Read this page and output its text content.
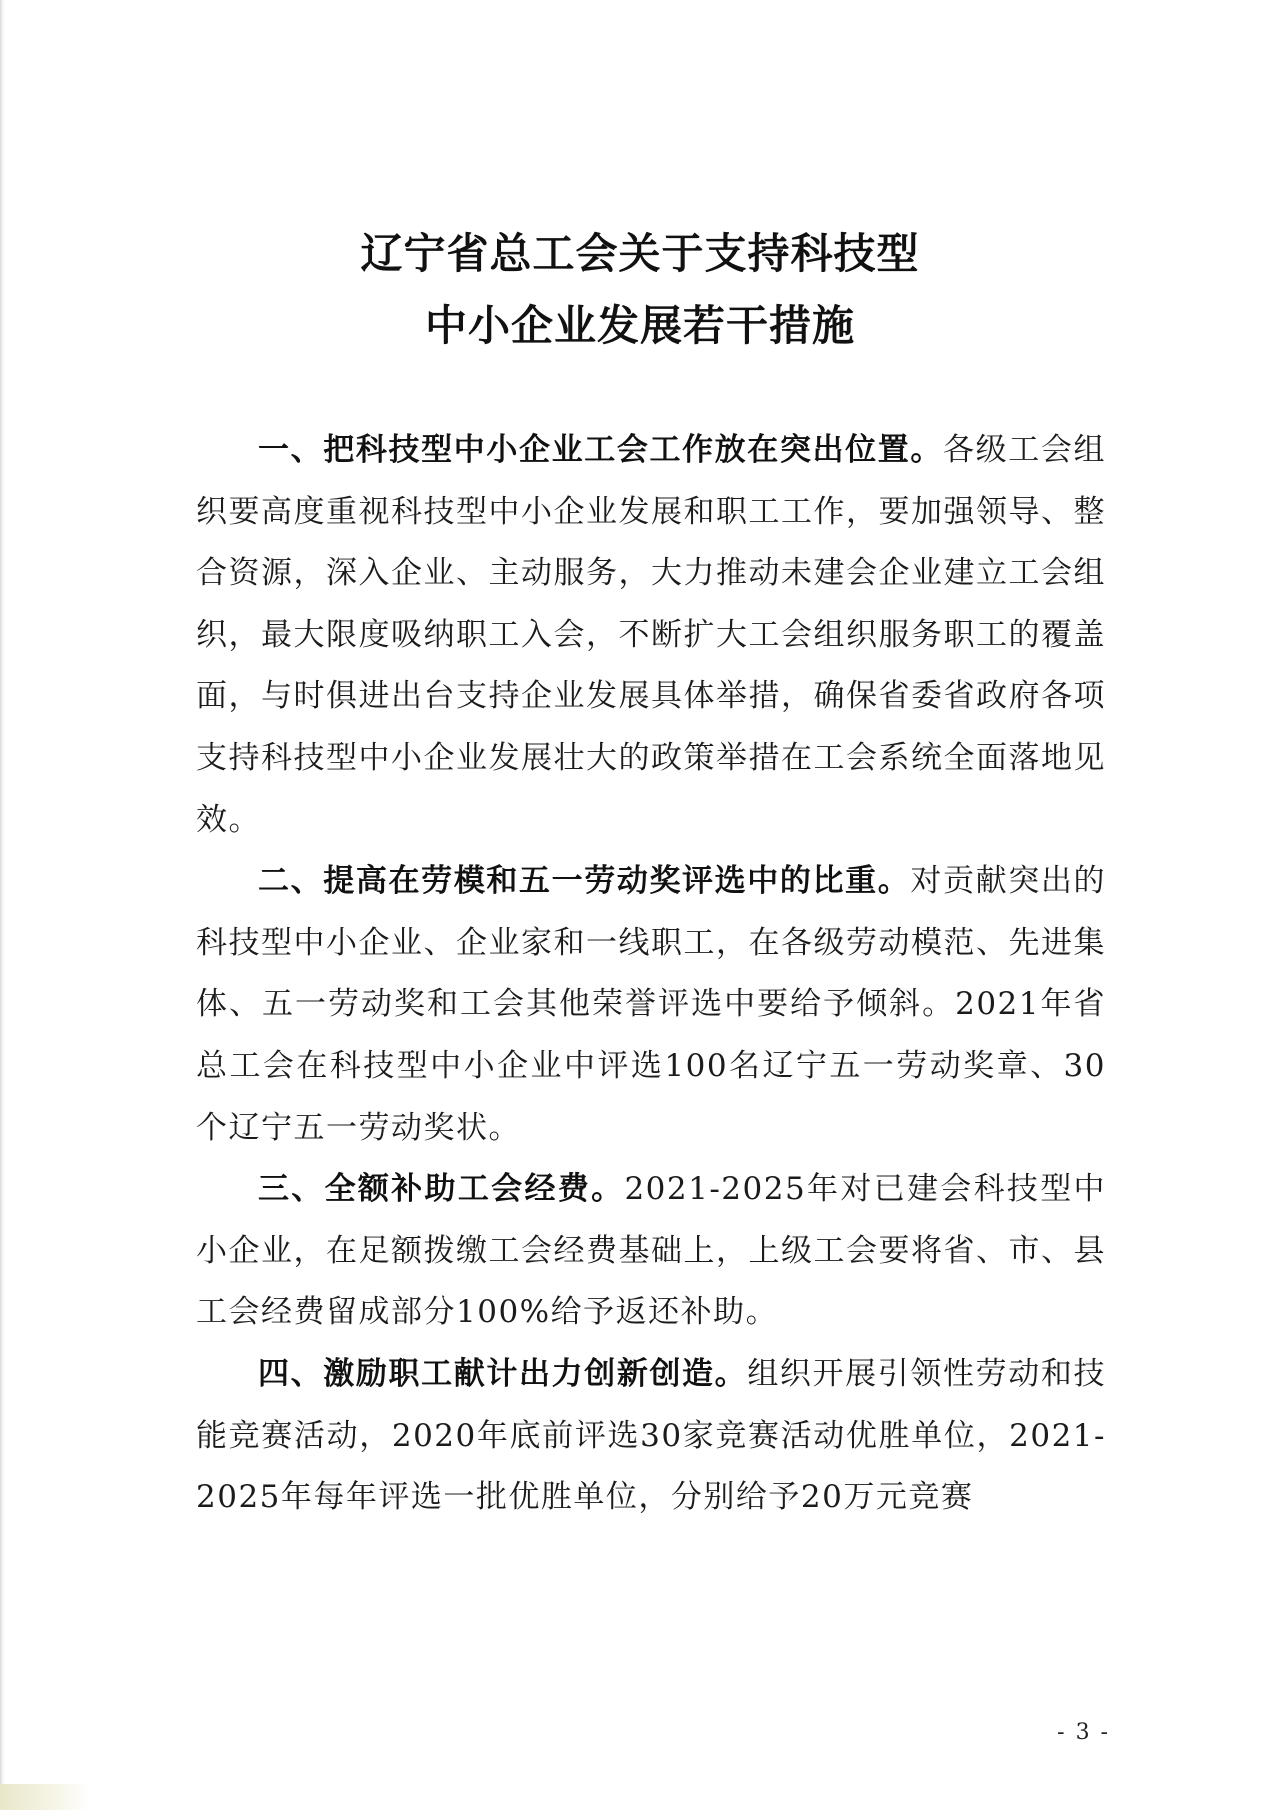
辽宁省总工会关于支持科技型
中小企业发展若干措施

一、把科技型中小企业工会工作放在突出位置。各级工会组织要高度重视科技型中小企业发展和职工工作，要加强领导、整合资源，深入企业、主动服务，大力推动未建会企业建立工会组织，最大限度吸纳职工入会，不断扩大工会组织服务职工的覆盖面，与时俱进出台支持企业发展具体举措，确保省委省政府各项支持科技型中小企业发展壮大的政策举措在工会系统全面落地见效。

二、提高在劳模和五一劳动奖评选中的比重。对贡献突出的科技型中小企业、企业家和一线职工，在各级劳动模范、先进集体、五一劳动奖和工会其他荣誉评选中要给予倾斜。2021年省总工会在科技型中小企业中评选100名辽宁五一劳动奖章、30个辽宁五一劳动奖状。

三、全额补助工会经费。2021-2025年对已建会科技型中小企业，在足额拨缴工会经费基础上，上级工会要将省、市、县工会经费留成部分100%给予返还补助。

四、激励职工献计出力创新创造。组织开展引领性劳动和技能竞赛活动，2020年底前评选30家竞赛活动优胜单位，2021-2025年每年评选一批优胜单位，分别给予20万元竞赛

- 3 -
